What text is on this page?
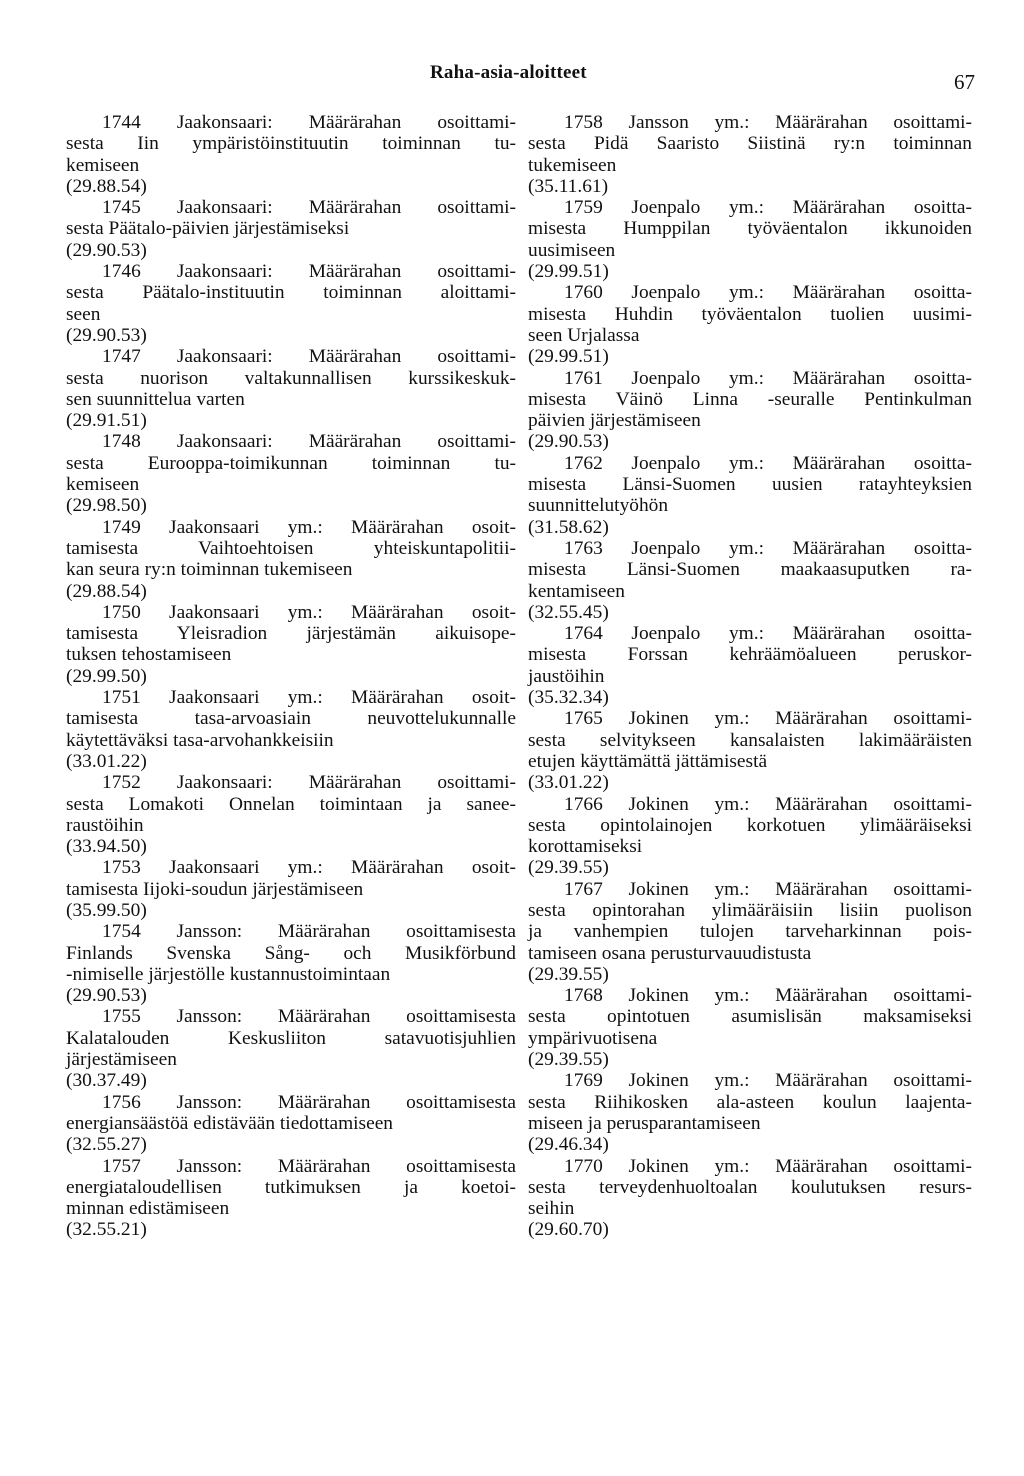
Raha-asia-aloitteet	67
1744 Jaakonsaari: Määrärahan osoittami-
sesta Iin ympäristöinstituutin toiminnan tu-
kemiseen
(29.88.54)
1745 Jaakonsaari: Määrärahan osoittami-
sesta Päätalo-päivien järjestämiseksi
(29.90.53)
1746 Jaakonsaari: Määrärahan osoittami-
sesta Päätalo-instituutin toiminnan aloittami-
seen
(29.90.53)
1747 Jaakonsaari: Määrärahan osoittami-
sesta nuorison valtakunnallisen kurssikeskuk-
sen suunnittelua varten
(29.91.51)
1748 Jaakonsaari: Määrärahan osoittami-
sesta Eurooppa-toimikunnan toiminnan tu-
kemiseen
(29.98.50)
1749 Jaakonsaari ym.: Määrärahan osoit-
tamisesta Vaihtoehtoisen yhteiskuntapolitii-
kan seura ry:n toiminnan tukemiseen
(29.88.54)
1750 Jaakonsaari ym.: Määrärahan osoit-
tamisesta Yleisradion järjestämän aikuisope-
tuksen tehostamiseen
(29.99.50)
1751 Jaakonsaari ym.: Määrärahan osoit-
tamisesta tasa-arvoasiain neuvottelukunnalle
käytettäväksi tasa-arvohankkeisiin
(33.01.22)
1752 Jaakonsaari: Määrärahan osoittami-
sesta Lomakoti Onnelan toimintaan ja sanee-
raustöihin
(33.94.50)
1753 Jaakonsaari ym.: Määrärahan osoit-
tamisesta Iijoki-soudun järjestämiseen
(35.99.50)
1754 Jansson: Määrärahan osoittamisesta
Finlands Svenska Sång- och Musikförbund
-nimiselle järjestölle kustannustoimintaan
(29.90.53)
1755 Jansson: Määrärahan osoittamisesta
Kalatalouden Keskusliiton satavuotisjuhlien
järjestämiseen
(30.37.49)
1756 Jansson: Määrärahan osoittamisesta
energiansäästöä edistävään tiedottamiseen
(32.55.27)
1757 Jansson: Määrärahan osoittamisesta
energiataloudellisen tutkimuksen ja koetoi-
minnan edistämiseen
(32.55.21)
1758 Jansson ym.: Määrärahan osoittami-
sesta Pidä Saaristo Siistinä ry:n toiminnan
tukemiseen
(35.11.61)
1759 Joenpalo ym.: Määrärahan osoitta-
misesta Humppilan työväentalon ikkunoiden
uusimiseen
(29.99.51)
1760 Joenpalo ym.: Määrärahan osoitta-
misesta Huhdin työväentalon tuolien uusimi-
seen Urjalassa
(29.99.51)
1761 Joenpalo ym.: Määrärahan osoitta-
misesta Väinö Linna -seuralle Pentinkulman
päivien järjestämiseen
(29.90.53)
1762 Joenpalo ym.: Määrärahan osoitta-
misesta Länsi-Suomen uusien ratayhteyksien
suunnittelutyöhön
(31.58.62)
1763 Joenpalo ym.: Määrärahan osoitta-
misesta Länsi-Suomen maakaasuputken ra-
kentamiseen
(32.55.45)
1764 Joenpalo ym.: Määrärahan osoitta-
misesta Forssan kehräämöalueen peruskor-
jaustöihin
(35.32.34)
1765 Jokinen ym.: Määrärahan osoittami-
sesta selvitykseen kansalaisten lakimääräisten
etujen käyttämättä jättämisestä
(33.01.22)
1766 Jokinen ym.: Määrärahan osoittami-
sesta opintolainojen korkotuen ylimääräiseksi
korottamiseksi
(29.39.55)
1767 Jokinen ym.: Määrärahan osoittami-
sesta opintorahan ylimääräisiin lisiin puolison
ja vanhempien tulojen tarveharkinnan pois-
tamiseen osana perusturvauudistusta
(29.39.55)
1768 Jokinen ym.: Määrärahan osoittami-
sesta opintotuen asumislisän maksamiseksi
ympärivuotisena
(29.39.55)
1769 Jokinen ym.: Määrärahan osoittami-
sesta Riihikosken ala-asteen koulun laajenta-
miseen ja perusparantamiseen
(29.46.34)
1770 Jokinen ym.: Määrärahan osoittami-
sesta terveydenhuoltoalan koulutuksen resurs-
seihin
(29.60.70)
